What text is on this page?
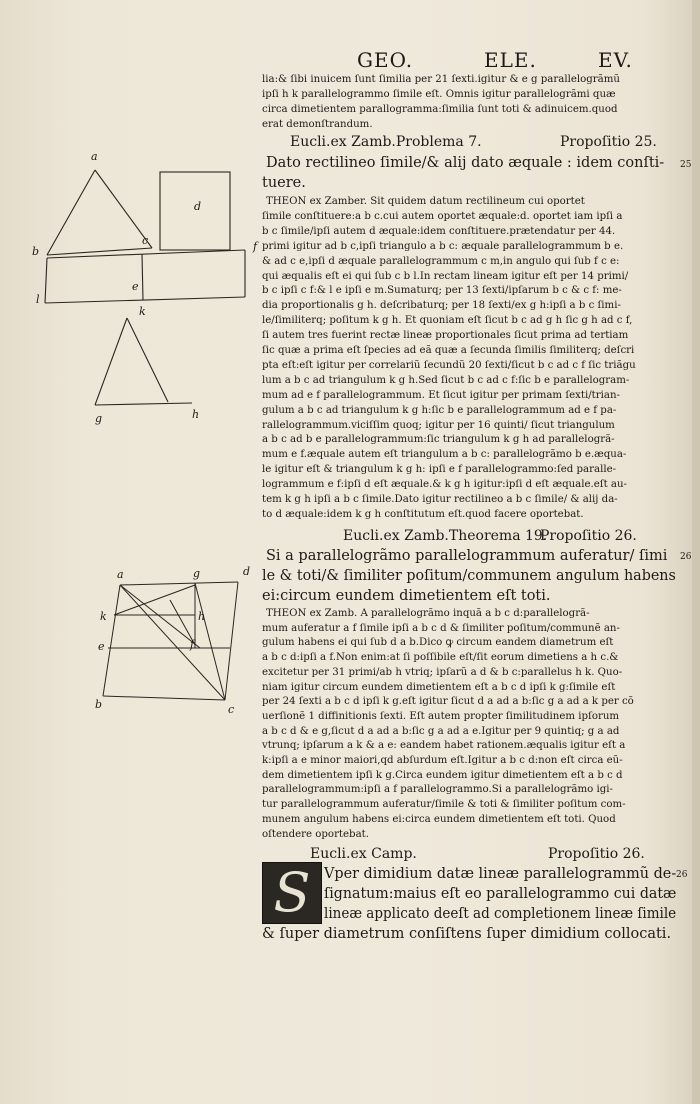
GEO.	ELE.	EV.
lia:& ſibi inuicem ſunt ſimilia per 21 ſexti.igitur & e g parallelogrãmũ
ipſi h k parallelogrammo ſimile eſt. Omnis igitur parallelogrãmi quæ
circa dimetientem parallogramma:ſimilia ſunt toti & adinuicem.quod
erat demonſtrandum.
Eucli.ex Zamb.Problema 7.	Propoſitio 25.
25
Dato rectilineo ſimile/& alij dato æquale : idem conſti-
tuere.
THEON ex Zamber. Sit quidem datum rectilineum cui oportet
ſimile conſtituere:a b c.cui autem oportet æquale:d. oportet iam ipſi a
b c ſimile/ipſi autem d æquale:idem conſtituere.prætendatur per 44.
primi igitur ad b c,ipſi triangulo a b c: æquale parallelogrammum b e.
& ad c e,ipſi d æquale parallelogrammum c m,in angulo qui ſub f c e:
qui æqualis eſt ei qui ſub c b l.In rectam lineam igitur eſt per 14 primi/
b c ipſi c f:& l e ipſi e m.Sumaturq; per 13 ſexti/ipſarum b c & c f: me-
dia proportionalis g h. deſcribaturq; per 18 ſexti/ex g h:ipſi a b c ſimi-
le/ſimiliterq; poſitum k g h. Et quoniam eſt ſicut b c ad g h ſic g h ad c f,
ſi autem tres fuerint rectæ lineæ proportionales ſicut prima ad tertiam
ſic quæ a prima eſt ſpecies ad eã quæ a ſecunda ſimilis ſimiliterq; deſcri
pta eſt:eſt igitur per correlariũ ſecundũ 20 ſexti/ſicut b c ad c f ſic triãgu
lum a b c ad triangulum k g h.Sed ſicut b c ad c f:ſic b e parallelogram-
mum ad e f parallelogrammum. Et ſicut igitur per primam ſexti/trian-
gulum a b c ad triangulum k g h:ſic b e parallelogrammum ad e f pa-
rallelogrammum.viciſſim quoq; igitur per 16 quinti/ ſicut triangulum
a b c ad b e parallelogrammum:ſic triangulum k g h ad parallelogrã-
mum e f.æquale autem eſt triangulum a b c: parallelogrãmo b e.æqua-
le igitur eſt & triangulum k g h: ipſi e f parallelogrammo:ſed paralle-
logrammum e f:ipſi d eſt æquale.& k g h igitur:ipſi d eſt æquale.eſt au-
tem k g h ipſi a b c ſimile.Dato igitur rectilineo a b c ſimile/ & alij da-
to d æquale:idem k g h conſtitutum eſt.quod facere oportebat.
Eucli.ex Zamb.Theorema 19.
Propoſitio 26.
26
Si a parallelogrãmo parallelogrammum auferatur/ ſimi
le & toti/& ſimiliter poſitum/communem angulum habens
ei:circum eundem dimetientem eſt toti.
THEON ex Zamb. A parallelogrãmo inquã a b c d:parallelogrã-
mum auferatur a f ſimile ipſi a b c d & ſimiliter poſitum/communẽ an-
gulum habens ei qui ſub d a b.Dico ꝙ circum eandem diametrum eſt
a b c d:ipſi a f.Non enim:at ſi poſſibile eſt/ſit eorum dimetiens a h c.&
excitetur per 31 primi/ab h vtriq; ipſarũ a d & b c:parallelus h k. Quo-
niam igitur circum eundem dimetientem eſt a b c d ipſi k g:ſimile eſt
per 24 ſexti a b c d ipſi k g.eſt igitur ſicut d a ad a b:ſic g a ad a k per cõ
uerſionẽ 1 diffinitionis ſexti. Eſt autem propter ſimilitudinem ipſorum
a b c d & e g,ſicut d a ad a b:ſic g a ad a e.Igitur per 9 quintiq; g a ad
vtrunq; ipſarum a k & a e: eandem habet rationem.æqualis igitur eſt a
k:ipſi a e minor maiori,qd abſurdum eſt.Igitur a b c d:non eſt circa eũ-
dem dimetientem ipſi k g.Circa eundem igitur dimetientem eſt a b c d
parallelogrammum:ipſi a f parallelogrammo.Si a parallelogrãmo igi-
tur parallelogrammum auferatur/ſimile & toti & ſimiliter poſitum com-
munem angulum habens ei:circa eundem dimetientem eſt toti. Quod
oſtendere oportebat.
Eucli.ex Camp.	Propoſitio 26.
26
S Vper dimidium datæ lineæ parallelogrammũ de-
ſignatum:maius eſt eo parallelogrammo cui datæ
lineæ applicato deeſt ad completionem lineæ ſimile
& ſuper diametrum conſiſtens ſuper dimidium collocati.
a
b
c
d
e
f
l
k
g	h
a	g	d
k	h
e	f
b	c
